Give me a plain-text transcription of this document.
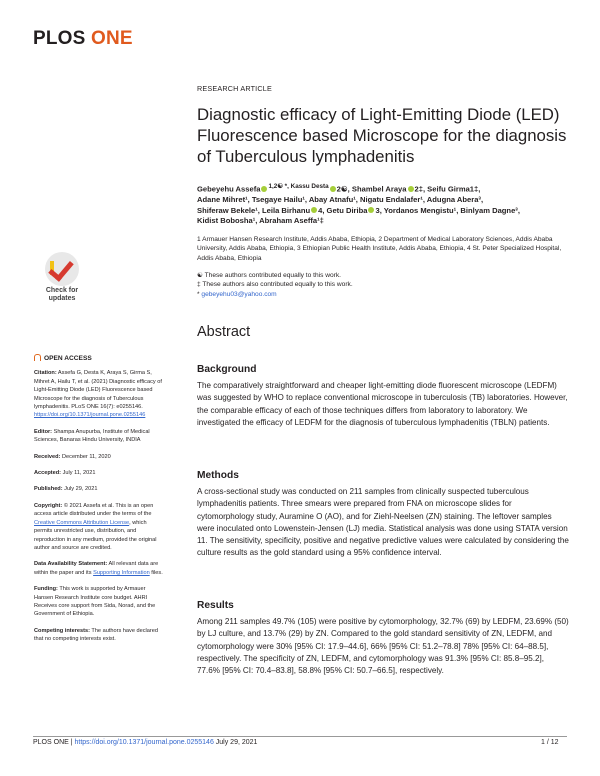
PLOS ONE
RESEARCH ARTICLE
Diagnostic efficacy of Light-Emitting Diode (LED) Fluorescence based Microscope for the diagnosis of Tuberculous lymphadenitis
Gebeyehu Assefa $^{1,2☯ *, Kassu Desta}$ 2☯, Shambel Araya 2‡, Seifu Girma1‡,
Adane Mihret¹, Tsegaye Hailu¹, Abay Atnafu¹, Nigatu Endalafer¹, Adugna Abera³,
Shiferaw Bekele¹, Leila Birhanu 4, Getu Diriba 3, Yordanos Mengistu¹, Binlyam Dagne³,
Kidist Bobosha¹, Abraham Aseffa¹‡
1 Armauer Hansen Research Institute, Addis Ababa, Ethiopia, 2 Department of Medical Laboratory Sciences, Addis Ababa University, Addis Ababa, Ethiopia, 3 Ethiopian Public Health Institute, Addis Ababa, Ethiopia, 4 St. Peter Specialized Hospital, Addis Ababa, Ethiopia
☯ These authors contributed equally to this work.
‡ These authors also contributed equally to this work.
* gebeyehu03@yahoo.com
Check for
updates
Abstract
Background
The comparatively straightforward and cheaper light-emitting diode fluorescent microscope (LEDFM) was suggested by WHO to replace conventional microscope in tuberculosis (TB) laboratories. However, the comparable efficacy of each of those techniques differs from laboratory to laboratory. We investigated the efficacy of LEDFM for the diagnosis of tuberculous lymphadenitis (TBLN) patients.
Methods
A cross-sectional study was conducted on 211 samples from clinically suspected tuberculous lymphadenitis patients. Three smears were prepared from FNA on microscope slides for cytomorphology study, Auramine O (AO), and for Ziehl-Neelsen (ZN) staining. The leftover samples were inoculated onto Lowenstein-Jensen (LJ) media. Statistical analysis was done using STATA version 11. The sensitivity, specificity, positive and negative predictive values were calculated by considering the culture results as the gold standard using a 95% confidence interval.
Results
Among 211 samples 49.7% (105) were positive by cytomorphology, 32.7% (69) by LEDFM, 23.69% (50) by LJ culture, and 13.7% (29) by ZN. Compared to the gold standard sensitivity of ZN, LEDFM, and cytomorphology were 30% [95% CI: 17.9–44.6], 66% [95% CI: 51.2–78.8] 78% [95% CI: 64–88.5], respectively. The specificity of ZN, LEDFM, and cytomorphology was 91.3% [95% CI: 85.8–95.2], 77.6% [95% CI: 70.4–83.8], 58.8% [95% CI: 50.7–66.5], respectively.
OPEN ACCESS

Citation: Assefa G, Desta K, Araya S, Girma S, Mihret A, Hailu T, et al. (2021) Diagnostic efficacy of Light-Emitting Diode (LED) Fluorescence based Microscope for the diagnosis of Tuberculous lymphadenitis. PLoS ONE 16(7): e0255146. https://doi.org/10.1371/journal.pone.0255146

Editor: Shampa Anupurba, Institute of Medical Sciences, Banaras Hindu University, INDIA

Received: December 11, 2020

Accepted: July 11, 2021

Published: July 29, 2021

Copyright: © 2021 Assefa et al. This is an open access article distributed under the terms of the Creative Commons Attribution License, which permits unrestricted use, distribution, and reproduction in any medium, provided the original author and source are credited.

Data Availability Statement: All relevant data are within the paper and its Supporting Information files.

Funding: This work is supported by Armauer Hansen Research Institute core budget. AHRI Receives core support from Sida, Norad, and the Government of Ethiopia.

Competing interests: The authors have declared that no competing interests exist.

PLOS ONE | https://doi.org/10.1371/journal.pone.0255146 July 29, 2021	1 / 12
